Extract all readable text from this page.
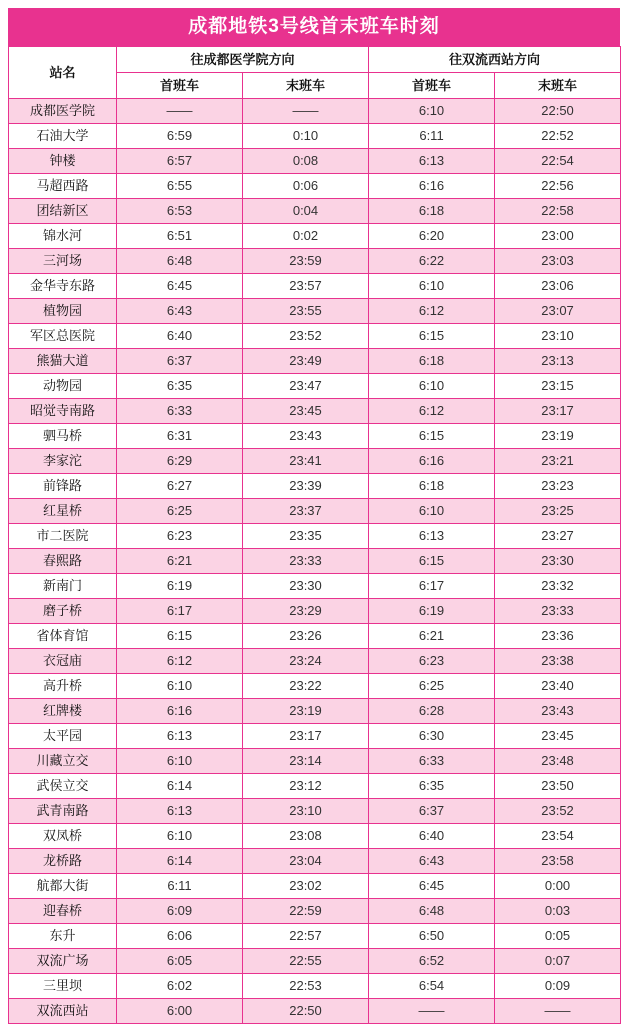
成都地铁3号线首末班车时刻
站名	往成都医学院方向		往双流西站方向	
	首班车	末班车	首班车	末班车
成都医学院	——	——	6:10	22:50
石油大学	6:59	0:10	6:11	22:52
钟楼	6:57	0:08	6:13	22:54
马超西路	6:55	0:06	6:16	22:56
团结新区	6:53	0:04	6:18	22:58
锦水河	6:51	0:02	6:20	23:00
三河场	6:48	23:59	6:22	23:03
金华寺东路	6:45	23:57	6:10	23:06
植物园	6:43	23:55	6:12	23:07
军区总医院	6:40	23:52	6:15	23:10
熊猫大道	6:37	23:49	6:18	23:13
动物园	6:35	23:47	6:10	23:15
昭觉寺南路	6:33	23:45	6:12	23:17
驷马桥	6:31	23:43	6:15	23:19
李家沱	6:29	23:41	6:16	23:21
前锋路	6:27	23:39	6:18	23:23
红星桥	6:25	23:37	6:10	23:25
市二医院	6:23	23:35	6:13	23:27
春熙路	6:21	23:33	6:15	23:30
新南门	6:19	23:30	6:17	23:32
磨子桥	6:17	23:29	6:19	23:33
省体育馆	6:15	23:26	6:21	23:36
衣冠庙	6:12	23:24	6:23	23:38
高升桥	6:10	23:22	6:25	23:40
红牌楼	6:16	23:19	6:28	23:43
太平园	6:13	23:17	6:30	23:45
川藏立交	6:10	23:14	6:33	23:48
武侯立交	6:14	23:12	6:35	23:50
武青南路	6:13	23:10	6:37	23:52
双凤桥	6:10	23:08	6:40	23:54
龙桥路	6:14	23:04	6:43	23:58
航都大街	6:11	23:02	6:45	0:00
迎春桥	6:09	22:59	6:48	0:03
东升	6:06	22:57	6:50	0:05
双流广场	6:05	22:55	6:52	0:07
三里坝	6:02	22:53	6:54	0:09
双流西站	6:00	22:50	——	——
